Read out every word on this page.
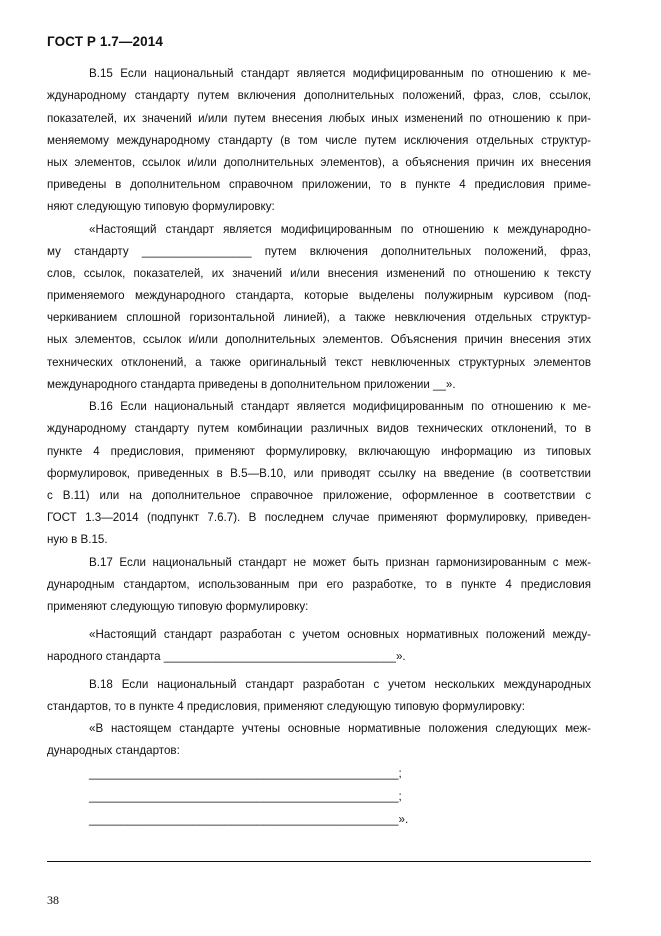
ГОСТ Р 1.7—2014
В.15 Если национальный стандарт является модифицированным по отношению к ме-
ждународному стандарту путем включения дополнительных положений, фраз, слов, ссылок,
показателей, их значений и/или путем внесения любых иных изменений по отношению к при-
меняемому международному стандарту (в том числе путем исключения отдельных структур-
ных элементов, ссылок и/или дополнительных элементов), а объяснения причин их внесения
приведены в дополнительном справочном приложении, то в пункте 4 предисловия приме-
няют следующую типовую формулировку:
«Настоящий стандарт является модифицированным по отношению к международно-
му стандарту _________________ путем включения дополнительных положений, фраз,
слов, ссылок, показателей, их значений и/или внесения изменений по отношению к тексту
применяемого международного стандарта, которые выделены полужирным курсивом (под-
черкиванием сплошной горизонтальной линией), а также невключения отдельных структур-
ных элементов, ссылок и/или дополнительных элементов. Объяснения причин внесения этих
технических отклонений, а также оригинальный текст невключенных структурных элементов
международного стандарта приведены в дополнительном приложении __».
В.16 Если национальный стандарт является модифицированным по отношению к ме-
ждународному стандарту путем комбинации различных видов технических отклонений, то в
пункте 4 предисловия, применяют формулировку, включающую информацию из типовых
формулировок, приведенных в В.5—В.10, или приводят ссылку на введение (в соответствии
с В.11) или на дополнительное справочное приложение, оформленное в соответствии с
ГОСТ 1.3—2014 (подпункт 7.6.7). В последнем случае применяют формулировку, приведен-
ную в В.15.
В.17 Если национальный стандарт не может быть признан гармонизированным с меж-
дународным стандартом, использованным при его разработке, то в пункте 4 предисловия
применяют следующую типовую формулировку:
«Настоящий стандарт разработан с учетом основных нормативных положений между-
народного стандарта ____________________________________».
В.18 Если национальный стандарт разработан с учетом нескольких международных
стандартов, то в пункте 4 предисловия, применяют следующую типовую формулировку:
«В настоящем стандарте учтены основные нормативные положения следующих меж-
дународных стандартов:
________________________________________________;
________________________________________________;
________________________________________________».
38
